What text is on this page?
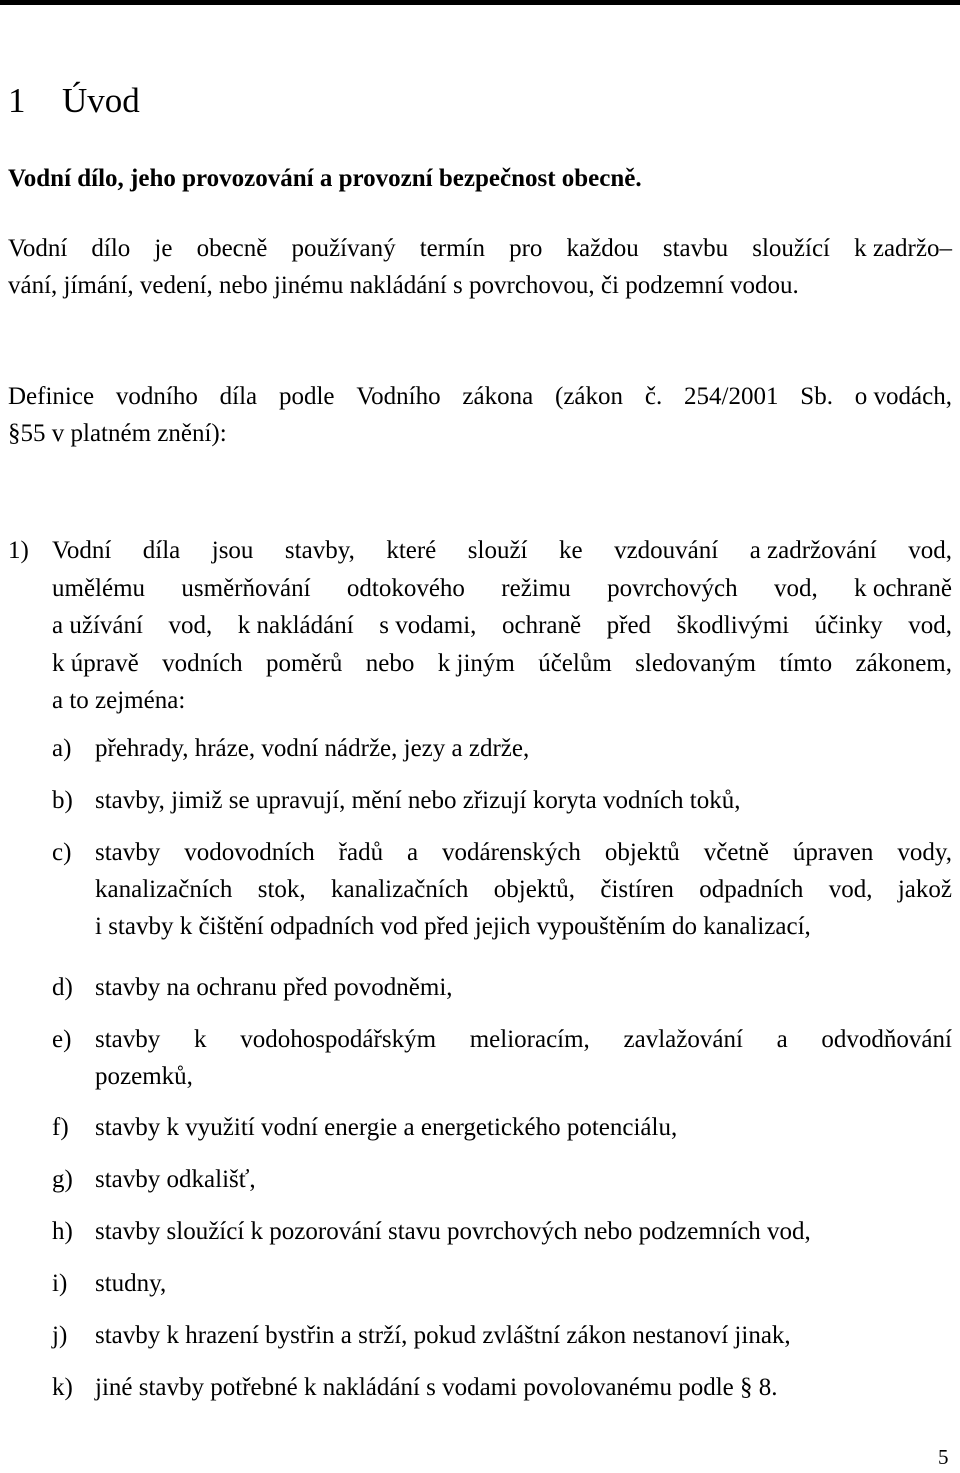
1 Úvod

Vodní dílo, jeho provozování a provozní bezpečnost obecně.

Vodní dílo je obecně používaný termín pro každou stavbu sloužící k zadržo–
vání, jímání, vedení, nebo jinému nakládání s povrchovou, či podzemní vodou.
Definice vodního díla podle Vodního zákona (zákon č. 254/2001 Sb. o vodách,
§55 v platném znění):
1) Vodní díla jsou stavby, které slouží ke vzdouvání a zadržování vod,
umělému usměrňování odtokového režimu povrchových vod, k ochraně
a užívání vod, k nakládání s vodami, ochraně před škodlivými účinky vod,
k úpravě vodních poměrů nebo k jiným účelům sledovaným tímto zákonem,
a to zejména:
a) přehrady, hráze, vodní nádrže, jezy a zdrže,
b) stavby, jimiž se upravují, mění nebo zřizují koryta vodních toků,
c) stavby vodovodních řadů a vodárenských objektů včetně úpraven vody,
kanalizačních stok, kanalizačních objektů, čistíren odpadních vod, jakož
i stavby k čištění odpadních vod před jejich vypouštěním do kanalizací,
d) stavby na ochranu před povodněmi,
e) stavby k vodohospodářským melioracím, zavlažování a odvodňování
pozemků,
f) stavby k využití vodní energie a energetického potenciálu,
g) stavby odkališť,
h) stavby sloužící k pozorování stavu povrchových nebo podzemních vod,
i) studny,
j) stavby k hrazení bystřin a strží, pokud zvláštní zákon nestanoví jinak,
k) jiné stavby potřebné k nakládání s vodami povolovanému podle § 8.
5
